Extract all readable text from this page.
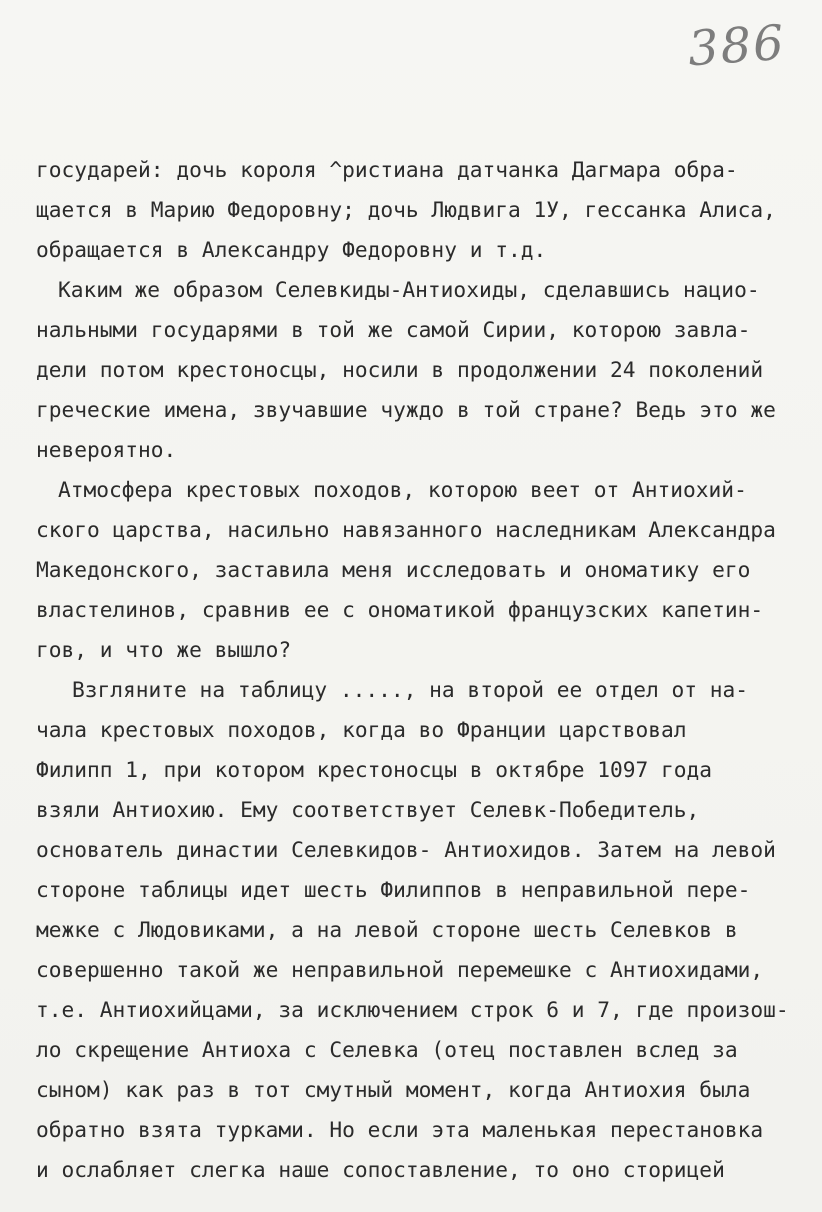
386
государей: дочь короля ^ристиана датчанка Дагмара обра-
щается в Марию Федоровну; дочь Людвига 1У, гессанка Алиса,
обращается в Александру Федоровну и т.д.
Каким же образом Селевкиды-Антиохиды, сделавшись нацио-
нальными государями в той же самой Сирии, которою завла-
дели потом крестоносцы, носили в продолжении 24 поколений
греческие имена, звучавшие чуждо в той стране? Ведь это же
невероятно.
Атмосфера крестовых походов, которою веет от Антиохий-
ского царства, насильно навязанного наследникам Александра
Македонского, заставила меня исследовать и ономатику его
властелинов, сравнив ее с ономатикой французских капетин-
гов, и что же вышло?
Взгляните на таблицу ....., на второй ее отдел от на-
чала крестовых походов, когда во Франции царствовал
Филипп 1, при котором крестоносцы в октябре 1097 года
взяли Антиохию. Ему соответствует Селевк-Победитель,
основатель династии Селевкидов- Антиохидов. Затем на левой
стороне таблицы идет шесть Филиппов в неправильной пере-
межке с Людовиками, а на левой стороне шесть Селевков в
совершенно такой же неправильной перемешке с Антиохидами,
т.е. Антиохийцами, за исключением строк 6 и 7, где произош-
ло скрещение Антиоха с Селевка (отец поставлен вслед за
сыном) как раз в тот смутный момент, когда Антиохия была
обратно взята турками. Но если эта маленькая перестановка
и ослабляет слегка наше сопоставление, то оно сторицей
